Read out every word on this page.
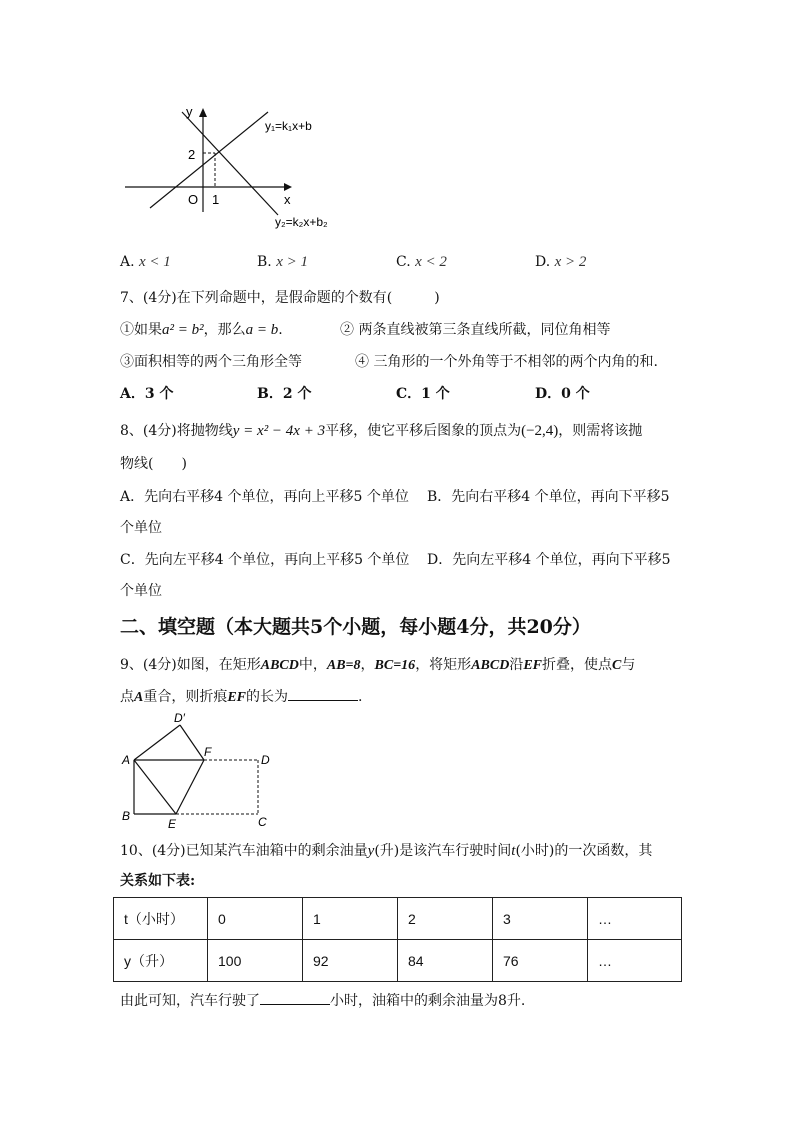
y
x
O
2
1
y₁=k₁x+b
y₂=k₂x+b₂
A. x < 1	B. x > 1	C. x < 2	D. x > 2
7、(4分)在下列命题中，是假命题的个数有(　　　)
①如果a² = b²，那么a = b.	② 两条直线被第三条直线所截，同位角相等
③面积相等的两个三角形全等	④ 三角形的一个外角等于不相邻的两个内角的和.
A．3 个	B．2 个	C．1 个	D．0 个
8、(4分)将抛物线y = x² − 4x + 3平移，使它平移后图象的顶点为(−2,4)，则需将该抛
物线(　　)
A．先向右平移4 个单位，再向上平移5 个单位 B．先向右平移4 个单位，再向下平移5
个单位
C．先向左平移4 个单位，再向上平移5 个单位 D．先向左平移4 个单位，再向下平移5
个单位
二、填空题（本大题共5个小题，每小题4分，共20分）
9、(4分)如图，在矩形ABCD中，AB=8，BC=16，将矩形ABCD沿EF折叠，使点C与
点A重合，则折痕EF的长为	.
D′
A
F
D
B
E	C
10、(4分)已知某汽车油箱中的剩余油量y(升)是该汽车行驶时间t(小时)的一次函数，其
关系如下表:
t（小时）	0	1	2	3	…
y（升）	100	92	84	76	…
由此可知，汽车行驶了	小时，油箱中的剩余油量为8升.
